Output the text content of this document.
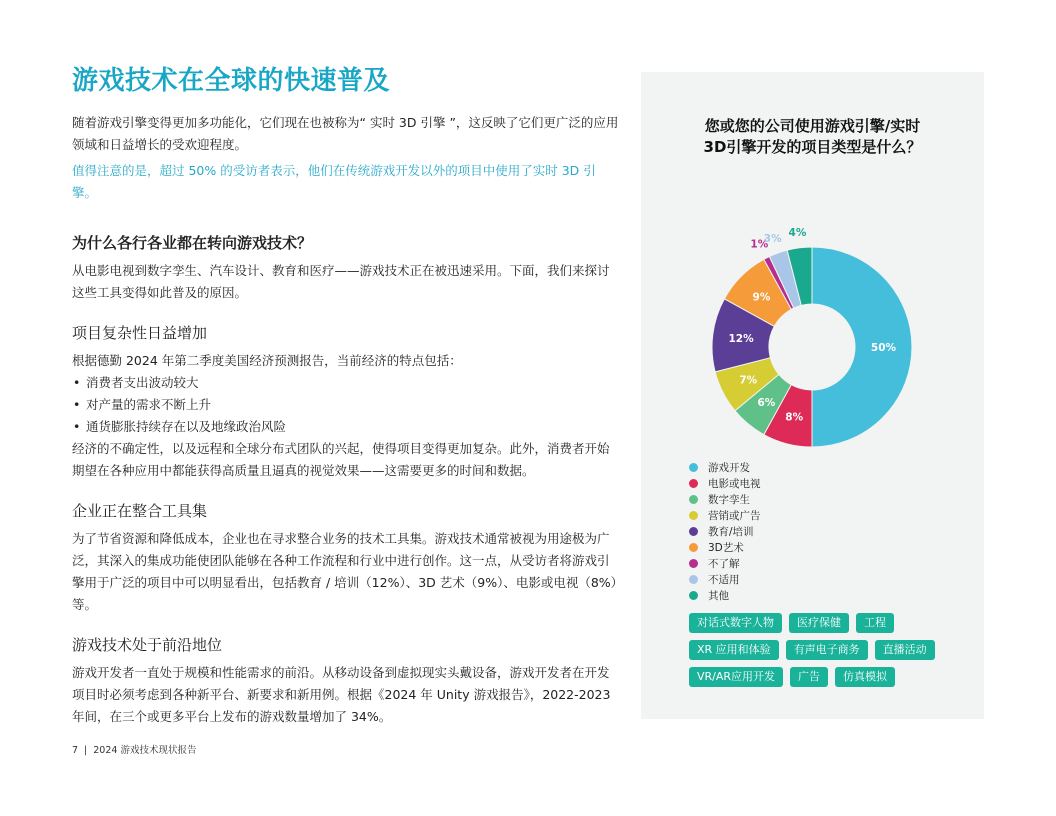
游戏技术在全球的快速普及

随着游戏引擎变得更加多功能化，它们现在也被称为“ 实时 3D 引擎 ”，这反映了它们更广泛的应用领域和日益增长的受欢迎程度。

值得注意的是，超过 50% 的受访者表示，他们在传统游戏开发以外的项目中使用了实时 3D 引擎。

为什么各行各业都在转向游戏技术？

从电影电视到数字孪生、汽车设计、教育和医疗——游戏技术正在被迅速采用。下面，我们来探讨这些工具变得如此普及的原因。

项目复杂性日益增加

根据德勤 2024 年第二季度美国经济预测报告，当前经济的特点包括：

• 消费者支出波动较大
• 对产量的需求不断上升
• 通货膨胀持续存在以及地缘政治风险

经济的不确定性，以及远程和全球分布式团队的兴起，使得项目变得更加复杂。此外，消费者开始期望在各种应用中都能获得高质量且逼真的视觉效果——这需要更多的时间和数据。

企业正在整合工具集

为了节省资源和降低成本，企业也在寻求整合业务的技术工具集。游戏技术通常被视为用途极为广泛，其深入的集成功能使团队能够在各种工作流程和行业中进行创作。这一点，从受访者将游戏引擎用于广泛的项目中可以明显看出，包括教育 / 培训（12%）、3D 艺术（9%）、电影或电视（8%）等。

游戏技术处于前沿地位

游戏开发者一直处于规模和性能需求的前沿。从移动设备到虚拟现实头戴设备，游戏开发者在开发项目时必须考虑到各种新平台、新要求和新用例。根据《2024 年 Unity 游戏报告》，2022-2023 年间，在三个或更多平台上发布的游戏数量增加了 34%。

7 | 2024 游戏技术现状报告
您或您的公司使用游戏引擎/实时
3D引擎开发的项目类型是什么？
50%
8%
6%
7%
12%
9%
1%
3% 4%
游戏开发
电影或电视
数字孪生
营销或广告
教育/培训
3D艺术
不了解
不适用
其他
对话式数字人物	医疗保健	工程
XR 应用和体验	有声电子商务	直播活动
VR/AR应用开发	广告	仿真模拟
